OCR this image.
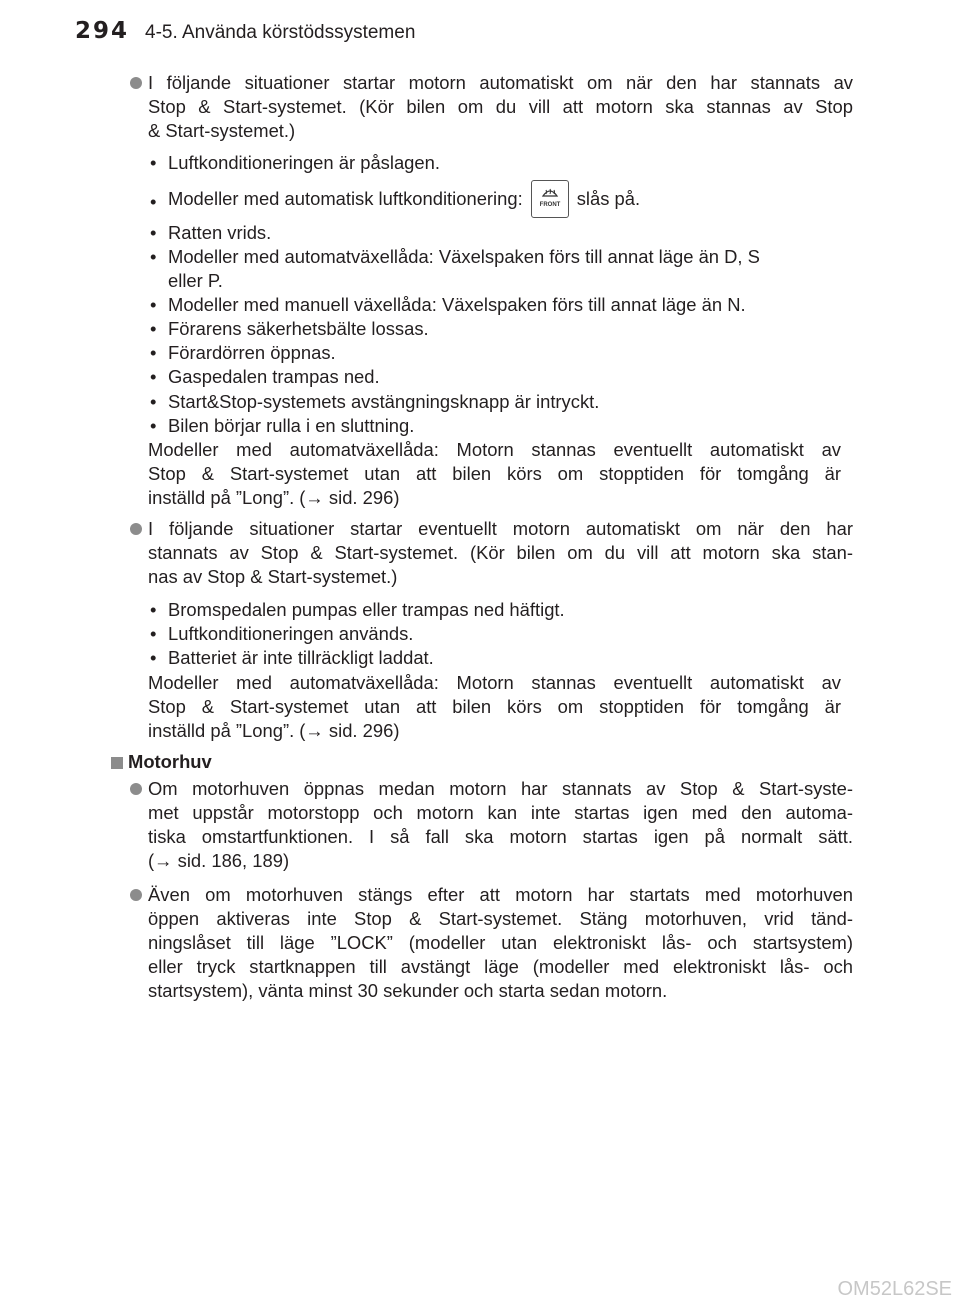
294 4-5. Använda körstödssystemen
I följande situationer startar motorn automatiskt om när den har stannats av
Stop & Start-systemet. (Kör bilen om du vill att motorn ska stannas av Stop
& Start-systemet.)
• Luftkonditioneringen är påslagen.
• Modeller med automatisk luftkonditionering:	FRONT slås på.
• Ratten vrids.
• Modeller med automatväxellåda: Växelspaken förs till annat läge än D, S
eller P.
• Modeller med manuell växellåda: Växelspaken förs till annat läge än N.
• Förarens säkerhetsbälte lossas.
• Förardörren öppnas.
• Gaspedalen trampas ned.
• Start&Stop-systemets avstängningsknapp är intryckt.
• Bilen börjar rulla i en sluttning.
Modeller med automatväxellåda: Motorn stannas eventuellt automatiskt av
Stop & Start-systemet utan att bilen körs om stopptiden för tomgång är
inställd på ”Long”. (→ sid. 296)
I följande situationer startar eventuellt motorn automatiskt om när den har
stannats av Stop & Start-systemet. (Kör bilen om du vill att motorn ska stan-
nas av Stop & Start-systemet.)
• Bromspedalen pumpas eller trampas ned häftigt.
• Luftkonditioneringen används.
• Batteriet är inte tillräckligt laddat.
Modeller med automatväxellåda: Motorn stannas eventuellt automatiskt av
Stop & Start-systemet utan att bilen körs om stopptiden för tomgång är
inställd på ”Long”. (→ sid. 296)
Motorhuv
Om motorhuven öppnas medan motorn har stannats av Stop & Start-syste-
met uppstår motorstopp och motorn kan inte startas igen med den automa-
tiska omstartfunktionen. I så fall ska motorn startas igen på normalt sätt.
(→ sid. 186, 189)
Även om motorhuven stängs efter att motorn har startats med motorhuven
öppen aktiveras inte Stop & Start-systemet. Stäng motorhuven, vrid tänd-
ningslåset till läge ”LOCK” (modeller utan elektroniskt lås- och startsystem)
eller tryck startknappen till avstängt läge (modeller med elektroniskt lås- och
startsystem), vänta minst 30 sekunder och starta sedan motorn.
OM52L62SE
